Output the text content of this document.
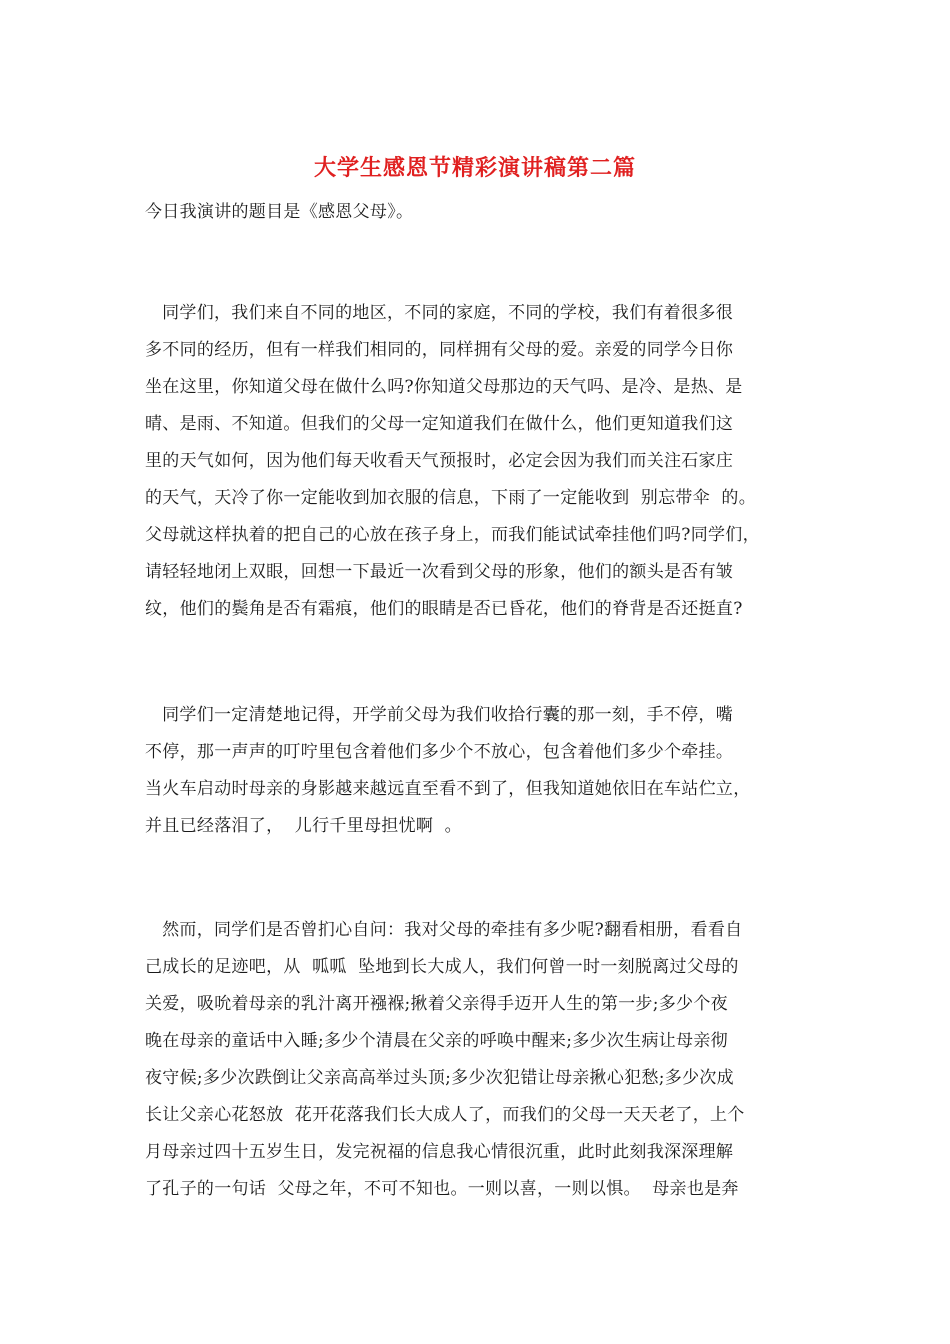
大学生感恩节精彩演讲稿第二篇

今日我演讲的题目是《感恩父母》。

同学们，我们来自不同的地区，不同的家庭，不同的学校，我们有着很多很

多不同的经历，但有一样我们相同的，同样拥有父母的爱。亲爱的同学今日你

坐在这里，你知道父母在做什么吗?你知道父母那边的天气吗、是冷、是热、是

晴、是雨、不知道。但我们的父母一定知道我们在做什么，他们更知道我们这

里的天气如何，因为他们每天收看天气预报时，必定会因为我们而关注石家庄

的天气，天冷了你一定能收到加衣服的信息，下雨了一定能收到  别忘带伞  的。

父母就这样执着的把自己的心放在孩子身上，而我们能试试牵挂他们吗?同学们，

请轻轻地闭上双眼，回想一下最近一次看到父母的形象，他们的额头是否有皱

纹，他们的鬓角是否有霜痕，他们的眼睛是否已昏花，他们的脊背是否还挺直?

同学们一定清楚地记得，开学前父母为我们收拾行囊的那一刻，手不停，嘴

不停，那一声声的叮咛里包含着他们多少个不放心，包含着他们多少个牵挂。

当火车启动时母亲的身影越来越远直至看不到了，但我知道她依旧在车站伫立，

并且已经落泪了，  儿行千里母担忧啊  。

然而，同学们是否曾扪心自问：我对父母的牵挂有多少呢?翻看相册，看看自

己成长的足迹吧，从  呱呱  坠地到长大成人，我们何曾一时一刻脱离过父母的

关爱，吸吮着母亲的乳汁离开襁褓;揪着父亲得手迈开人生的第一步;多少个夜

晚在母亲的童话中入睡;多少个清晨在父亲的呼唤中醒来;多少次生病让母亲彻

夜守候;多少次跌倒让父亲高高举过头顶;多少次犯错让母亲揪心犯愁;多少次成

长让父亲心花怒放  花开花落我们长大成人了，而我们的父母一天天老了，上个

月母亲过四十五岁生日，发完祝福的信息我心情很沉重，此时此刻我深深理解

了孔子的一句话  父母之年，不可不知也。一则以喜，一则以惧。  母亲也是奔
